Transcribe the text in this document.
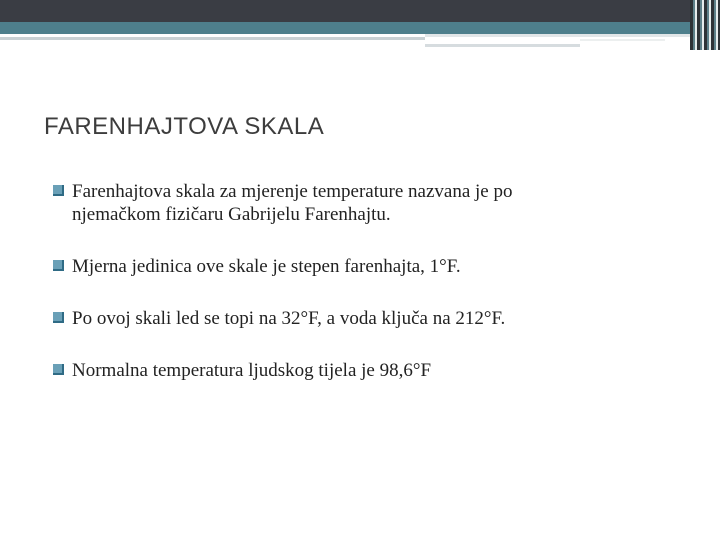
FARENHAJTOVA SKALA
Farenhajtova skala za mjerenje temperature nazvana je po
njemačkom fizičaru Gabrijelu Farenhajtu.
Mjerna jedinica ove skale je stepen farenhajta, 1°F.
Po ovoj skali led se topi na 32°F, a voda ključa na 212°F.
Normalna temperatura ljudskog tijela je 98,6°F
